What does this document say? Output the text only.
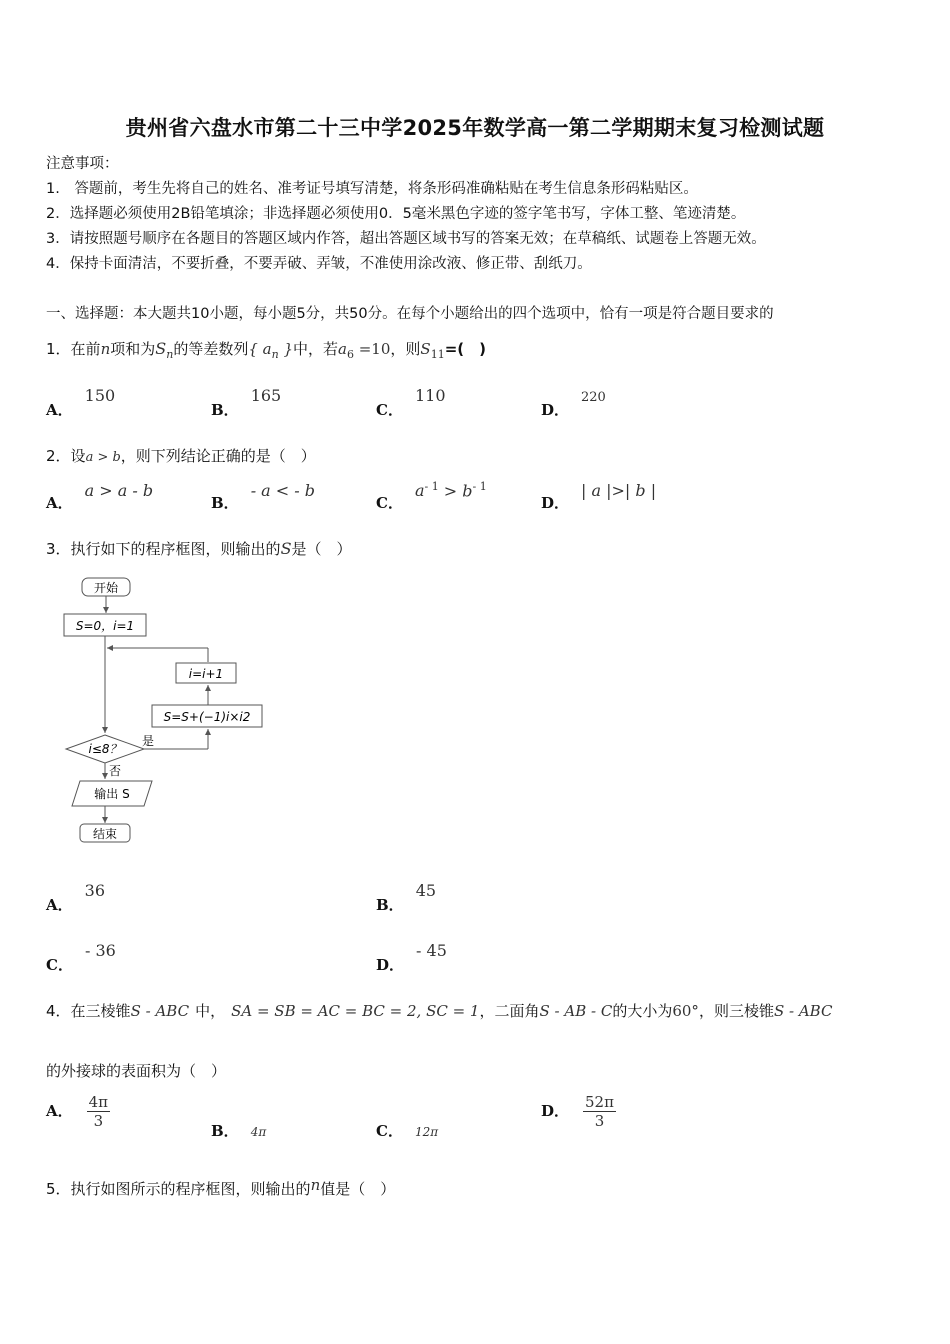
贵州省六盘水市第二十三中学2025年数学高一第二学期期末复习检测试题
注意事项：
1.　答题前，考生先将自己的姓名、准考证号填写清楚，将条形码准确粘贴在考生信息条形码粘贴区。
2．选择题必须使用2B铅笔填涂；非选择题必须使用0．5毫米黑色字迹的签字笔书写，字体工整、笔迹清楚。
3．请按照题号顺序在各题目的答题区域内作答，超出答题区域书写的答案无效；在草稿纸、试题卷上答题无效。
4．保持卡面清洁，不要折叠，不要弄破、弄皱，不准使用涂改液、修正带、刮纸刀。
一、选择题：本大题共10小题，每小题5分，共50分。在每个小题给出的四个选项中，恰有一项是符合题目要求的
1．在前n项和为$S_n$的等差数列{ $a_n$ }中，若$a_6 =10$，则$S_{11}=$(　)
A．150
B．165
C．110
D．220
2．设a > b，则下列结论正确的是（　）
A．a > a - b
B．- a < - b
C．$a^{- 1} > b^{- 1}$
D．| a |>| b |
3．执行如下的程序框图，则输出的S是（　）
开始
S=0，i=1
i=i+1
S=S+(−1)i×i2
i≤8？
是
否
输出 S
结束
A．36
B．45
C．- 36
D．- 45
4．在三棱锥S - ABC 中， SA = SB = AC = BC = 2, SC = 1，二面角S - AB - C的大小为60°，则三棱锥S - ABC
的外接球的表面积为（　）
A． $\frac{4\pi}{3}$
B． 4π	C． 12π
D． $\frac{52\pi}{3}$
5．执行如图所示的程序框图，则输出的n值是（　）
